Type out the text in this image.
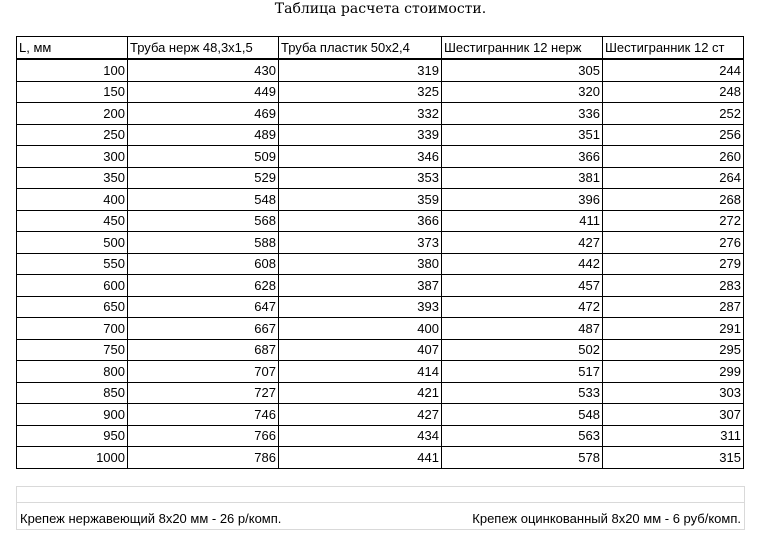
Таблица расчета стоимости.
L, мм	Труба нерж 48,3х1,5	Труба пластик 50х2,4	Шестигранник 12 нерж	Шестигранник 12 ст
100	430	319	305	244
150	449	325	320	248
200	469	332	336	252
250	489	339	351	256
300	509	346	366	260
350	529	353	381	264
400	548	359	396	268
450	568	366	411	272
500	588	373	427	276
550	608	380	442	279
600	628	387	457	283
650	647	393	472	287
700	667	400	487	291
750	687	407	502	295
800	707	414	517	299
850	727	421	533	303
900	746	427	548	307
950	766	434	563	311
1000	786	441	578	315
Крепеж нержавеющий 8х20 мм - 26 р/комп.	Крепеж оцинкованный 8х20 мм - 6 руб/комп.
